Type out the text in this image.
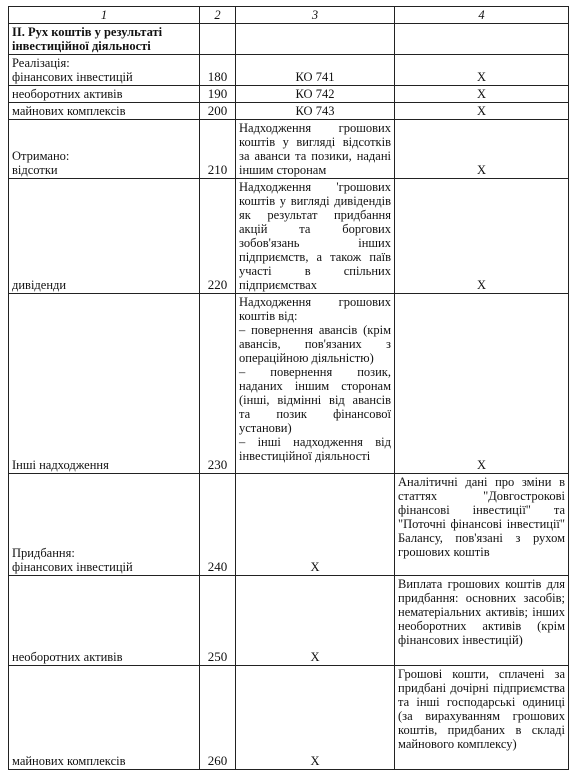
1	2	3	4
ІІ. Рух коштів у результаті інвестиційної діяльності			

Реалізація:
фінансових інвестицій	180	КО 741	Х
необоротних активів	190	КО 742	Х
майнових комплексів	200	КО 743	Х

Отримано:
відсотки	210	Надходження грошових коштів у вигляді відсотків за аванси та позики, надані іншим сторонам	Х
дивіденди	220	Надходження 'грошових коштів у вигляді дивідендів як результат придбання акцій та боргових зобов'язань інших підприємств, а також паїв участі в спільних підприємствах	Х
Інші надходження	230	Надходження грошових коштів від:
– повернення авансів (крім авансів, пов'язаних з операційною діяльністю)
– повернення позик, наданих іншим сторонам (інші, відмінні від авансів та позик фінансової установи)
– інші надходження від інвестиційної діяльності	Х

Придбання:
фінансових інвестицій	240	Х	Аналітичні дані про зміни в статтях "Довгострокові фінансові інвестиції" та "Поточні фінансові інвестиції" Балансу, пов'язані з рухом грошових коштів

необоротних активів	250	Х	Виплата грошових коштів для придбання: основних засобів; нематеріальних активів; інших необоротних активів (крім фінансових інвестицій)

майнових комплексів	260	Х	Грошові кошти, сплачені за придбані дочірні підприємства та інші господарські одиниці (за вирахуванням грошових коштів, придбаних в складі майнового комплексу)
